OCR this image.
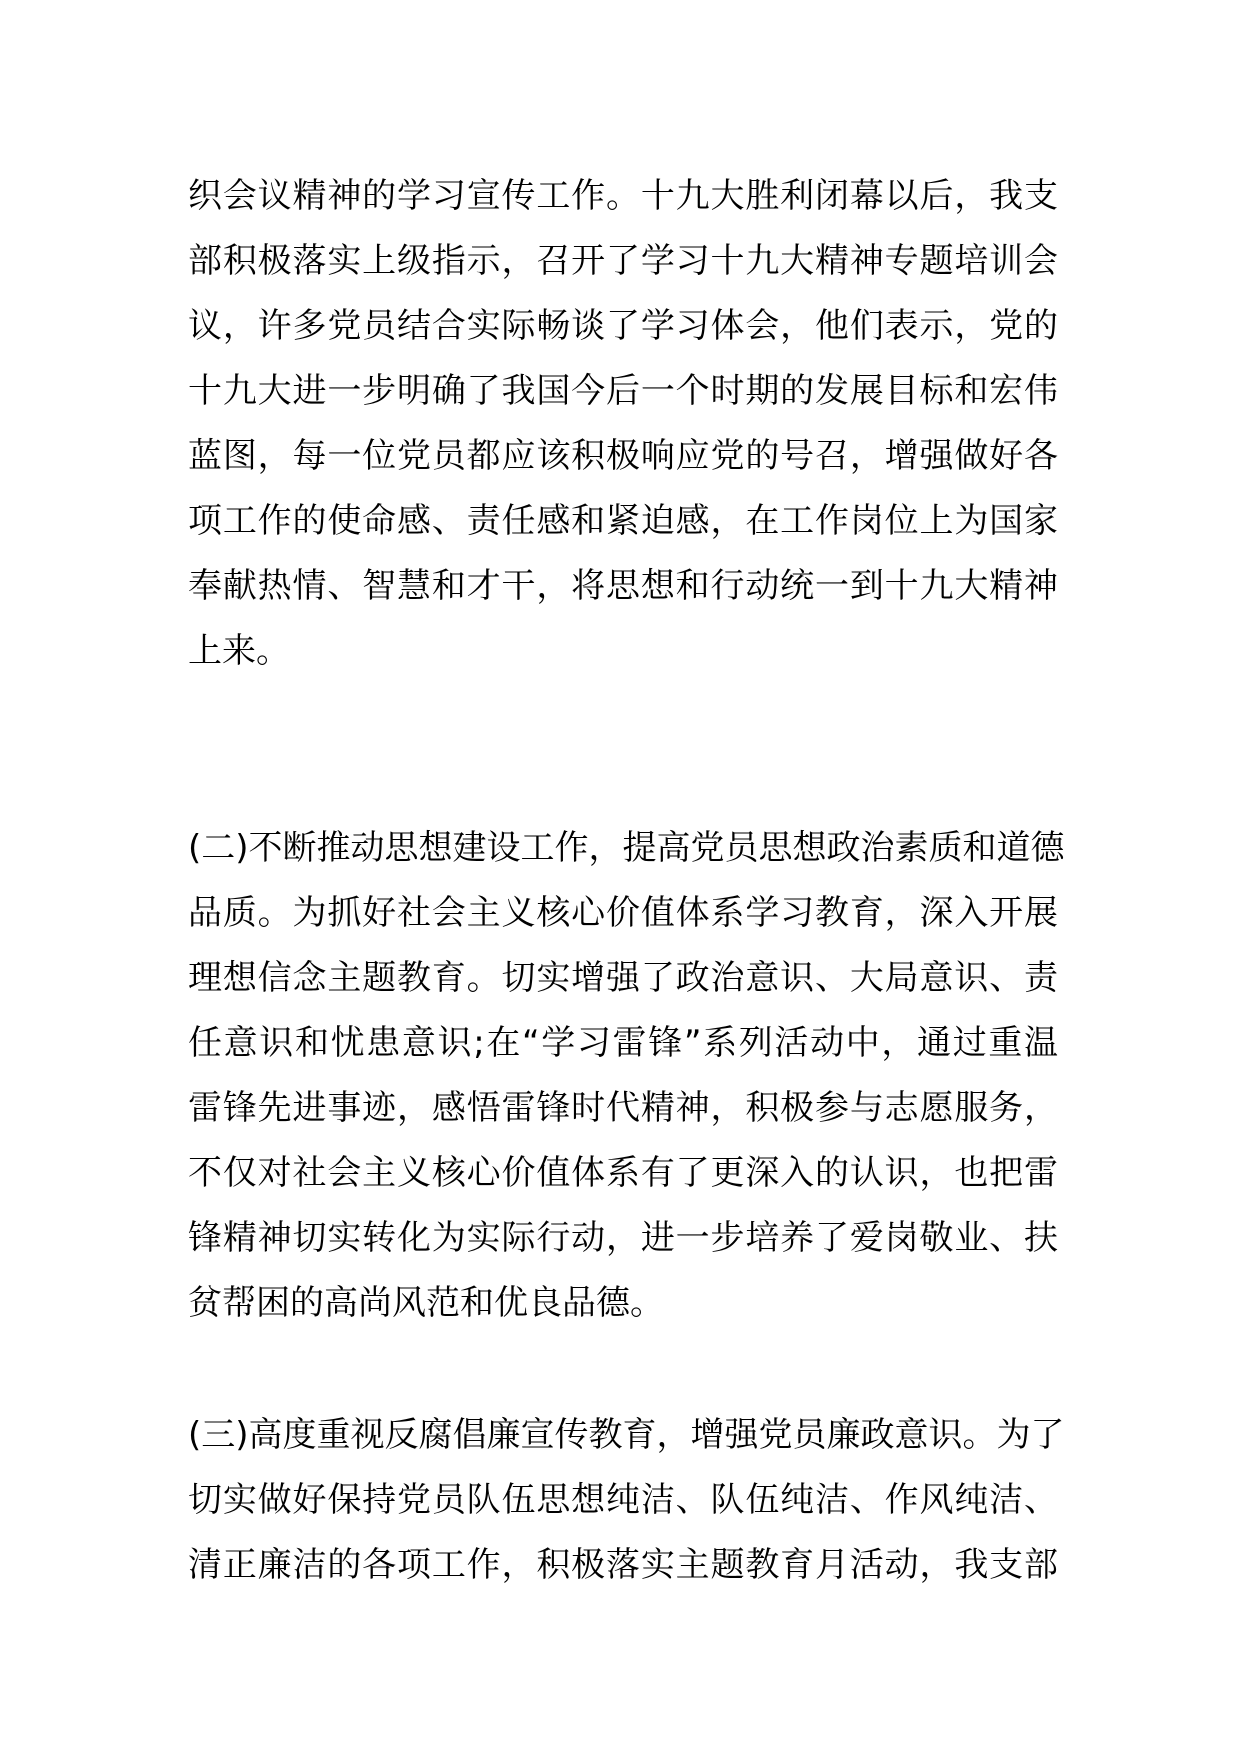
织会议精神的学习宣传工作。十九大胜利闭幕以后，我支
部积极落实上级指示，召开了学习十九大精神专题培训会
议，许多党员结合实际畅谈了学习体会，他们表示，党的
十九大进一步明确了我国今后一个时期的发展目标和宏伟
蓝图，每一位党员都应该积极响应党的号召，增强做好各
项工作的使命感、责任感和紧迫感，在工作岗位上为国家
奉献热情、智慧和才干，将思想和行动统一到十九大精神
上来。
(二)不断推动思想建设工作，提高党员思想政治素质和道德
品质。为抓好社会主义核心价值体系学习教育，深入开展
理想信念主题教育。切实增强了政治意识、大局意识、责
任意识和忧患意识;在“学习雷锋”系列活动中，通过重温
雷锋先进事迹，感悟雷锋时代精神，积极参与志愿服务，
不仅对社会主义核心价值体系有了更深入的认识，也把雷
锋精神切实转化为实际行动，进一步培养了爱岗敬业、扶
贫帮困的高尚风范和优良品德。
(三)高度重视反腐倡廉宣传教育，增强党员廉政意识。为了
切实做好保持党员队伍思想纯洁、队伍纯洁、作风纯洁、
清正廉洁的各项工作，积极落实主题教育月活动，我支部
